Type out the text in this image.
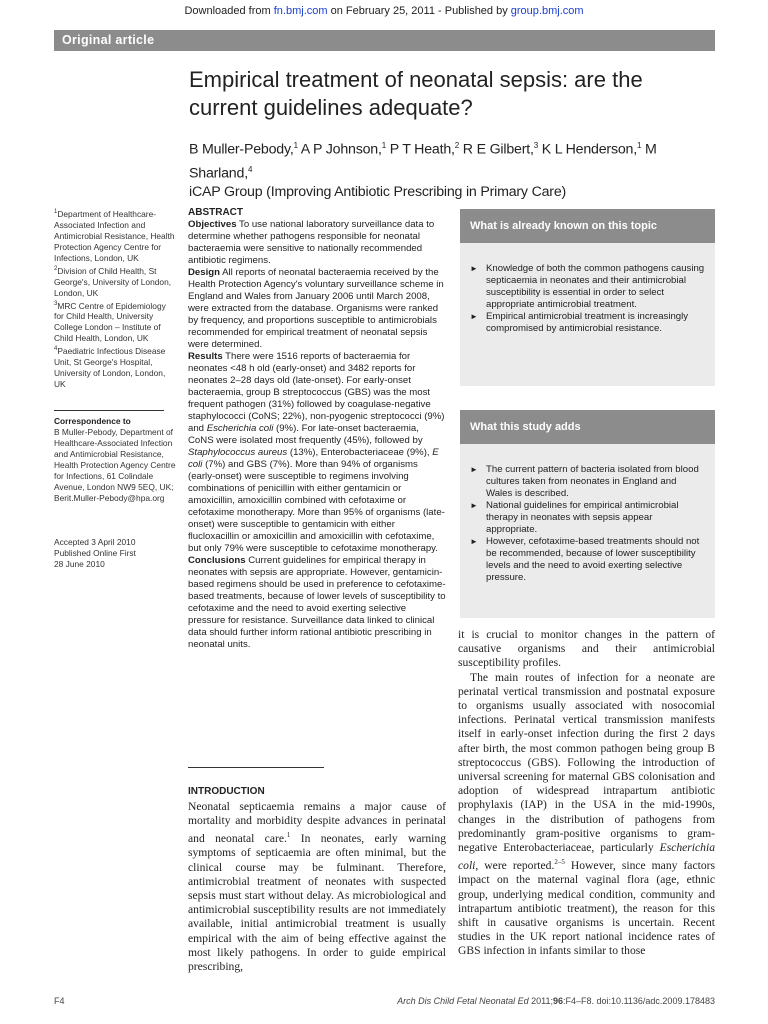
Downloaded from fn.bmj.com on February 25, 2011 - Published by group.bmj.com
Original article
Empirical treatment of neonatal sepsis: are the current guidelines adequate?
B Muller-Pebody,$^1$ A P Johnson,$^1$ P T Heath,$^2$ R E Gilbert,$^3$ K L Henderson,$^1$ M Sharland,$^4$
iCAP Group (Improving Antibiotic Prescribing in Primary Care)

$^1$Department of Healthcare-Associated Infection and Antimicrobial Resistance, Health Protection Agency Centre for Infections, London, UK

$^2$Division of Child Health, St George's, University of London, London, UK

$^3$MRC Centre of Epidemiology for Child Health, University College London – Institute of Child Health, London, UK

$^4$Paediatric Infectious Disease Unit, St George's Hospital, University of London, London, UK

Correspondence to
B Muller-Pebody, Department of Healthcare-Associated Infection and Antimicrobial Resistance, Health Protection Agency Centre for Infections, 61 Colindale Avenue, London NW9 5EQ, UK; Berit.Muller-Pebody@hpa.org
Accepted 3 April 2010
Published Online First
28 June 2010
ABSTRACT
Objectives To use national laboratory surveillance data to determine whether pathogens responsible for neonatal bacteraemia were sensitive to nationally recommended antibiotic regimens.
Design All reports of neonatal bacteraemia received by the Health Protection Agency's voluntary surveillance scheme in England and Wales from January 2006 until March 2008, were extracted from the database. Organisms were ranked by frequency, and proportions susceptible to antimicrobials recommended for empirical treatment of neonatal sepsis were determined.
Results There were 1516 reports of bacteraemia for neonates <48 h old (early-onset) and 3482 reports for neonates 2–28 days old (late-onset). For early-onset bacteraemia, group B streptococcus (GBS) was the most frequent pathogen (31%) followed by coagulase-negative staphylococci (CoNS; 22%), non-pyogenic streptococci (9%) and Escherichia coli (9%). For late-onset bacteraemia, CoNS were isolated most frequently (45%), followed by Staphylococcus aureus (13%), Enterobacteriaceae (9%), E coli (7%) and GBS (7%). More than 94% of organisms (early-onset) were susceptible to regimens involving combinations of penicillin with either gentamicin or amoxicillin, amoxicillin combined with cefotaxime or cefotaxime monotherapy. More than 95% of organisms (late-onset) were susceptible to gentamicin with either flucloxacillin or amoxicillin and amoxicillin with cefotaxime, but only 79% were susceptible to cefotaxime monotherapy.
Conclusions Current guidelines for empirical therapy in neonates with sepsis are appropriate. However, gentamicin-based regimens should be used in preference to cefotaxime-based treatments, because of lower levels of susceptibility to cefotaxime and the need to avoid exerting selective pressure for resistance. Surveillance data linked to clinical data should further inform rational antibiotic prescribing in neonatal units.
What is already known on this topic
► Knowledge of both the common pathogens causing septicaemia in neonates and their antimicrobial susceptibility is essential in order to select appropriate antimicrobial treatment.
► Empirical antimicrobial treatment is increasingly compromised by antimicrobial resistance.
What this study adds
► The current pattern of bacteria isolated from blood cultures taken from neonates in England and Wales is described.
► National guidelines for empirical antimicrobial therapy in neonates with sepsis appear appropriate.
► However, cefotaxime-based treatments should not be recommended, because of lower susceptibility levels and the need to avoid exerting selective pressure.
INTRODUCTION

Neonatal septicaemia remains a major cause of mortality and morbidity despite advances in perinatal and neonatal care.$^1$ In neonates, early warning symptoms of septicaemia are often minimal, but the clinical course may be fulminant. Therefore, antimicrobial treatment of neonates with suspected sepsis must start without delay. As microbiological and antimicrobial susceptibility results are not immediately available, initial antimicrobial treatment is usually empirical with the aim of being effective against the most likely pathogens. In order to guide empirical prescribing,

it is crucial to monitor changes in the pattern of causative organisms and their antimicrobial susceptibility profiles.

The main routes of infection for a neonate are perinatal vertical transmission and postnatal exposure to organisms usually associated with nosocomial infections. Perinatal vertical transmission manifests itself in early-onset infection during the first 2 days after birth, the most common pathogen being group B streptococcus (GBS). Following the introduction of universal screening for maternal GBS colonisation and adoption of widespread intrapartum antibiotic prophylaxis (IAP) in the USA in the mid-1990s, changes in the distribution of pathogens from predominantly gram-positive organisms to gram-negative Enterobacteriaceae, particularly Escherichia coli, were reported.$^{2-5}$ However, since many factors impact on the maternal vaginal flora (age, ethnic group, underlying medical condition, community and intrapartum antibiotic treatment), the reason for this shift in causative organisms is uncertain. Recent studies in the UK report national incidence rates of GBS infection in infants similar to those

F4	Arch Dis Child Fetal Neonatal Ed 2011;96:F4–F8. doi:10.1136/adc.2009.178483
